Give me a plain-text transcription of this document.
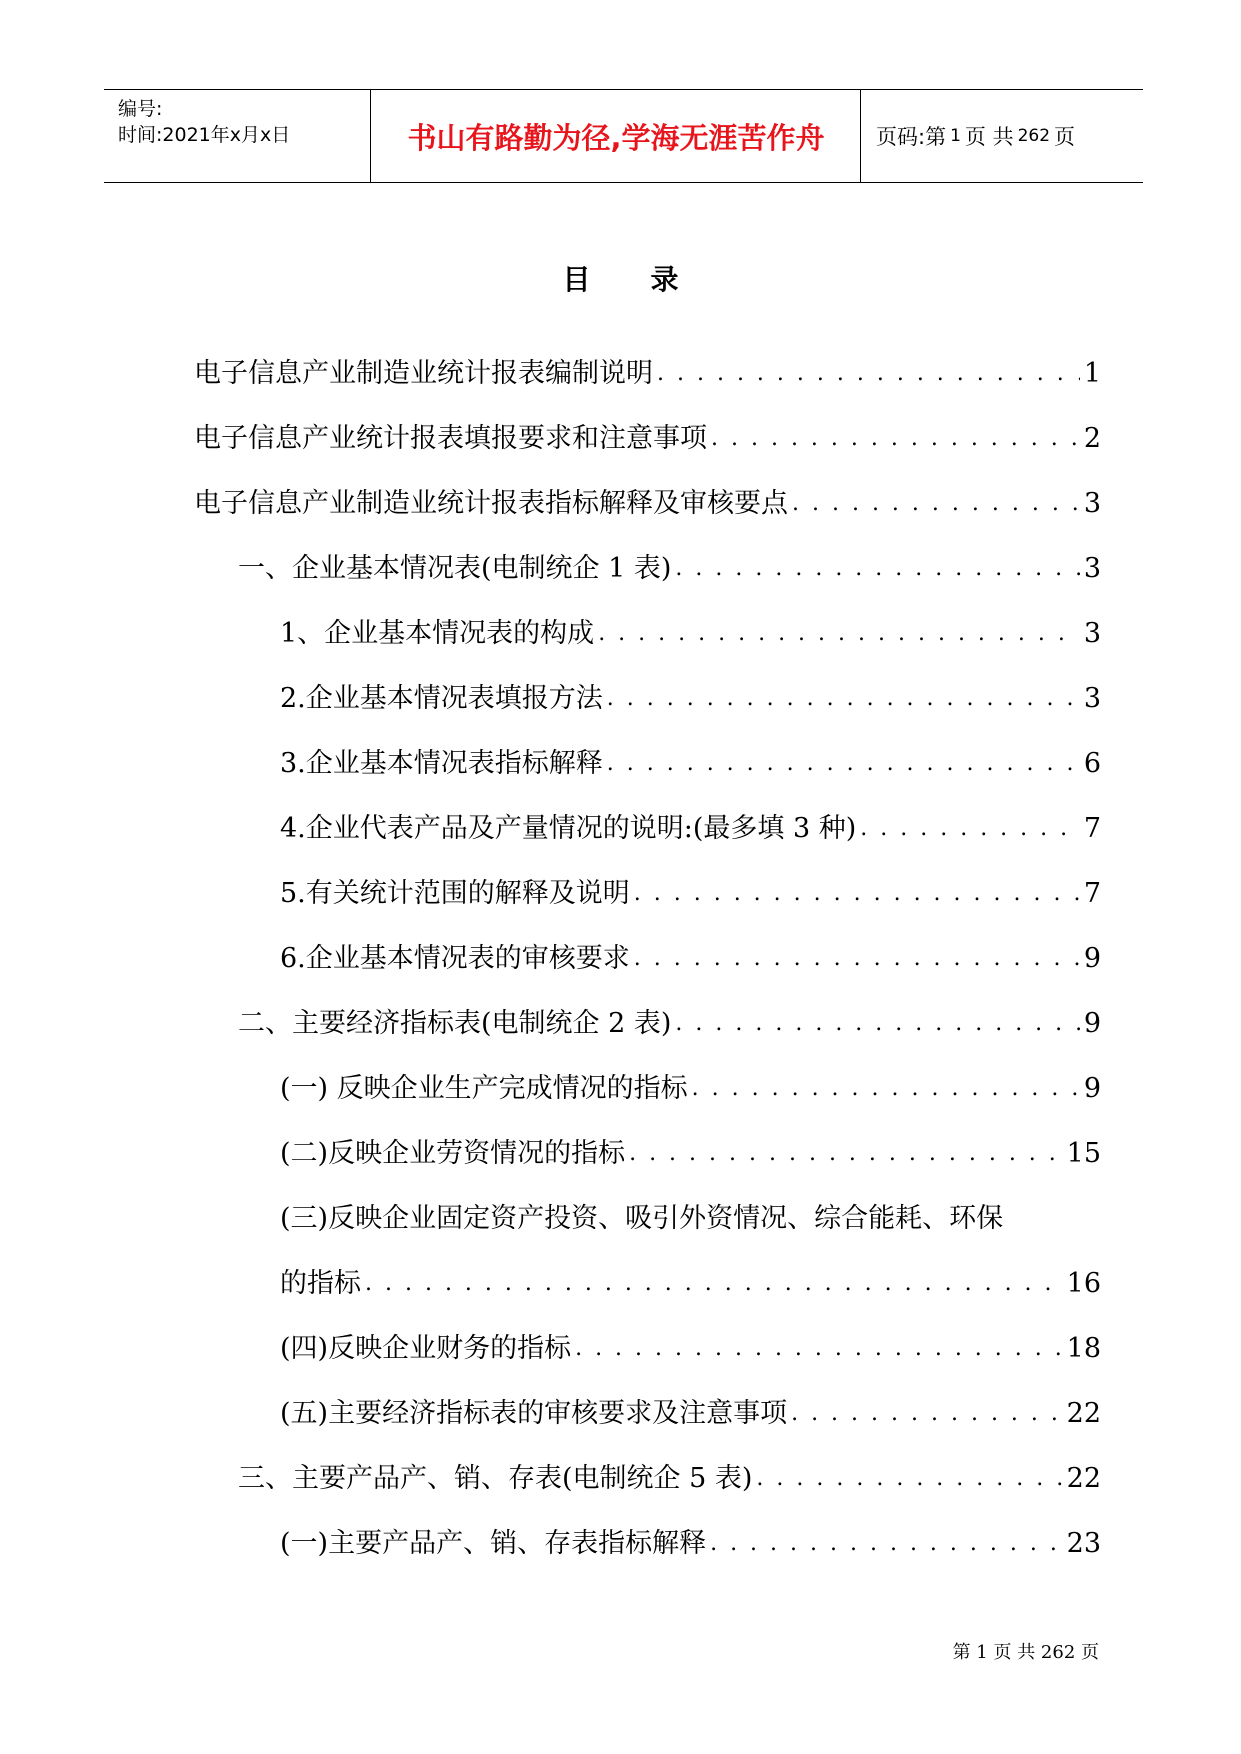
编号:
时间:2021年x月x日	书山有路勤为径,学海无涯苦作舟	页码:第 1 页 共 262 页
目录
电子信息产业制造业统计报表编制说明 . . .	1
电子信息产业统计报表填报要求和注意事项 . . .	2
电子信息产业制造业统计报表指标解释及审核要点 . . .	3
一、企业基本情况表(电制统企 1 表) . . .	3
1、企业基本情况表的构成 . . .	3
2.企业基本情况表填报方法 . . .	3
3.企业基本情况表指标解释 . . .	6
4.企业代表产品及产量情况的说明:(最多填 3 种) . . .	7
5.有关统计范围的解释及说明 . . .	7
6.企业基本情况表的审核要求 . . .	9
二、主要经济指标表(电制统企 2 表) . . .	9
(一) 反映企业生产完成情况的指标 . . .	9
(二)反映企业劳资情况的指标 . . .	15
(三)反映企业固定资产投资、吸引外资情况、综合能耗、环保
的指标 . . .	16
(四)反映企业财务的指标 . . .	18
(五)主要经济指标表的审核要求及注意事项 . . .	22
三、主要产品产、销、存表(电制统企 5 表) . . .	22
(一)主要产品产、销、存表指标解释 . . .	23
第 1 页 共 262 页
